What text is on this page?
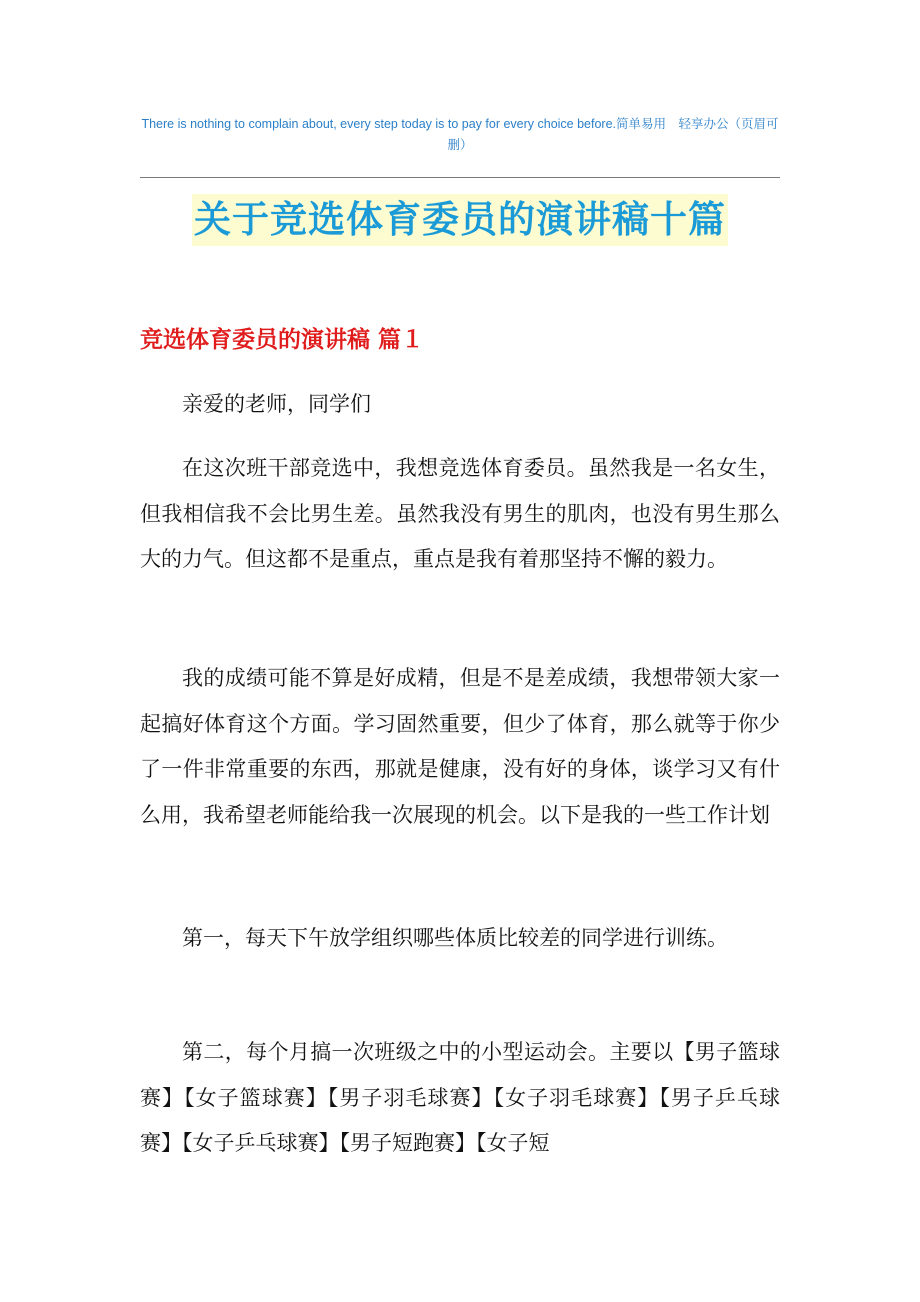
There is nothing to complain about, every step today is to pay for every choice before.简单易用　轻享办公（页眉可删）
关于竞选体育委员的演讲稿十篇
竞选体育委员的演讲稿 篇１

亲爱的老师，同学们

在这次班干部竞选中，我想竞选体育委员。虽然我是一名女生，但我相信我不会比男生差。虽然我没有男生的肌肉，也没有男生那么大的力气。但这都不是重点，重点是我有着那坚持不懈的毅力。

我的成绩可能不算是好成精，但是不是差成绩，我想带领大家一起搞好体育这个方面。学习固然重要，但少了体育，那么就等于你少了一件非常重要的东西，那就是健康，没有好的身体，谈学习又有什么用，我希望老师能给我一次展现的机会。以下是我的一些工作计划

第一，每天下午放学组织哪些体质比较差的同学进行训练。

第二，每个月搞一次班级之中的小型运动会。主要以【男子篮球赛】【女子篮球赛】【男子羽毛球赛】【女子羽毛球赛】【男子乒乓球赛】【女子乒乓球赛】【男子短跑赛】【女子短
